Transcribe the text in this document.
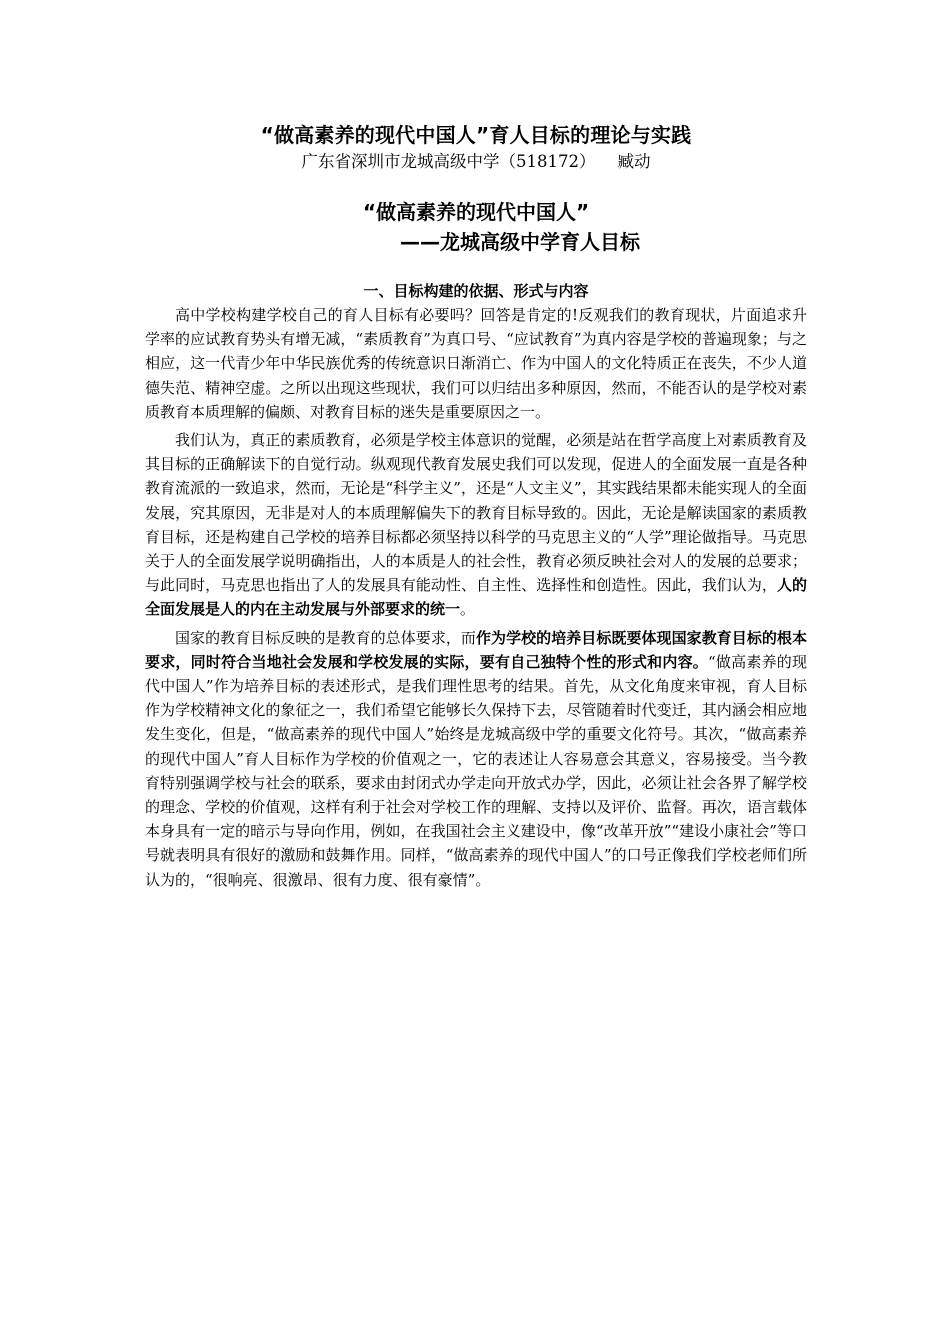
“做高素养的现代中国人”育人目标的理论与实践

广东省深圳市龙城高级中学（518172） 臧动

“做高素养的现代中国人”

——龙城高级中学育人目标

一、目标构建的依据、形式与内容

高中学校构建学校自己的育人目标有必要吗？回答是肯定的!反观我们的教育现状，片面追求升学率的应试教育势头有增无减，“素质教育”为真口号、“应试教育”为真内容是学校的普遍现象；与之相应，这一代青少年中华民族优秀的传统意识日渐消亡、作为中国人的文化特质正在丧失，不少人道德失范、精神空虚。之所以出现这些现状，我们可以归结出多种原因，然而，不能否认的是学校对素质教育本质理解的偏颇、对教育目标的迷失是重要原因之一。

我们认为，真正的素质教育，必须是学校主体意识的觉醒，必须是站在哲学高度上对素质教育及其目标的正确解读下的自觉行动。纵观现代教育发展史我们可以发现，促进人的全面发展一直是各种教育流派的一致追求，然而，无论是“科学主义”，还是“人文主义”，其实践结果都未能实现人的全面发展，究其原因，无非是对人的本质理解偏失下的教育目标导致的。因此，无论是解读国家的素质教育目标，还是构建自己学校的培养目标都必须坚持以科学的马克思主义的“人学”理论做指导。马克思关于人的全面发展学说明确指出，人的本质是人的社会性，教育必须反映社会对人的发展的总要求；与此同时，马克思也指出了人的发展具有能动性、自主性、选择性和创造性。因此，我们认为，人的全面发展是人的内在主动发展与外部要求的统一。

国家的教育目标反映的是教育的总体要求，而作为学校的培养目标既要体现国家教育目标的根本要求，同时符合当地社会发展和学校发展的实际，要有自己独特个性的形式和内容。“做高素养的现代中国人”作为培养目标的表述形式，是我们理性思考的结果。首先，从文化角度来审视，育人目标作为学校精神文化的象征之一，我们希望它能够长久保持下去，尽管随着时代变迁，其内涵会相应地发生变化，但是，“做高素养的现代中国人”始终是龙城高级中学的重要文化符号。其次，“做高素养的现代中国人”育人目标作为学校的价值观之一，它的表述让人容易意会其意义，容易接受。当今教育特别强调学校与社会的联系，要求由封闭式办学走向开放式办学，因此，必须让社会各界了解学校的理念、学校的价值观，这样有利于社会对学校工作的理解、支持以及评价、监督。再次，语言载体本身具有一定的暗示与导向作用，例如，在我国社会主义建设中，像“改革开放”“建设小康社会”等口号就表明具有很好的激励和鼓舞作用。同样，“做高素养的现代中国人”的口号正像我们学校老师们所认为的，“很响亮、很激昂、很有力度、很有豪情”。
